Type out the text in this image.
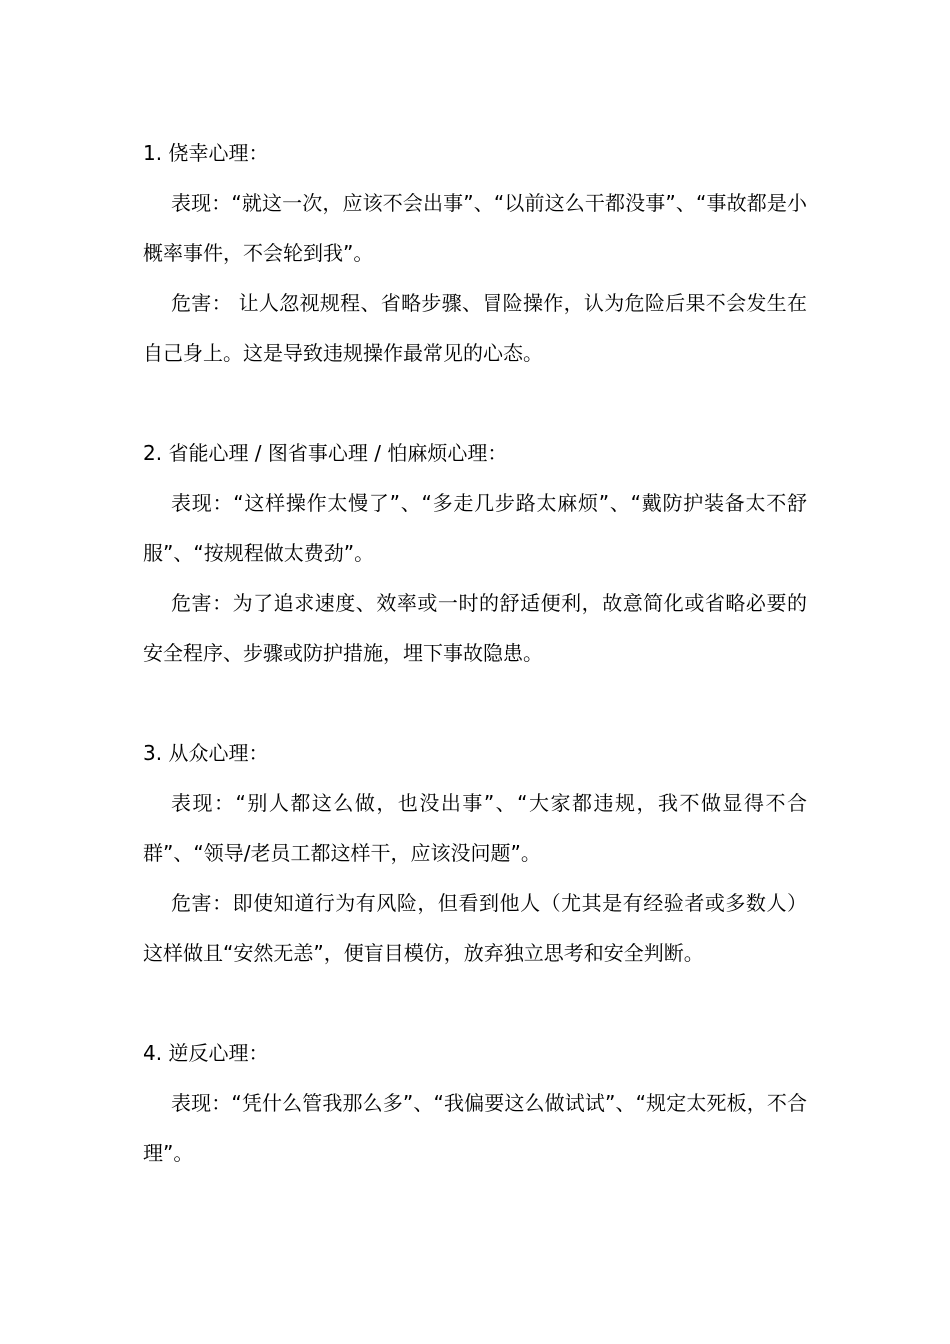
1. 侥幸心理：

表现：“就这一次，应该不会出事”、“以前这么干都没事”、“事故都是小概率事件，不会轮到我”。

危害： 让人忽视规程、省略步骤、冒险操作，认为危险后果不会发生在自己身上。这是导致违规操作最常见的心态。

2. 省能心理 / 图省事心理 / 怕麻烦心理：

表现：“这样操作太慢了”、“多走几步路太麻烦”、“戴防护装备太不舒服”、“按规程做太费劲”。

危害：为了追求速度、效率或一时的舒适便利，故意简化或省略必要的安全程序、步骤或防护措施，埋下事故隐患。

3. 从众心理：

表现：“别人都这么做，也没出事”、“大家都违规，我不做显得不合群”、“领导/老员工都这样干，应该没问题”。

危害：即使知道行为有风险，但看到他人（尤其是有经验者或多数人）这样做且“安然无恙”，便盲目模仿，放弃独立思考和安全判断。

4. 逆反心理：

表现：“凭什么管我那么多”、“我偏要这么做试试”、“规定太死板，不合理”。
